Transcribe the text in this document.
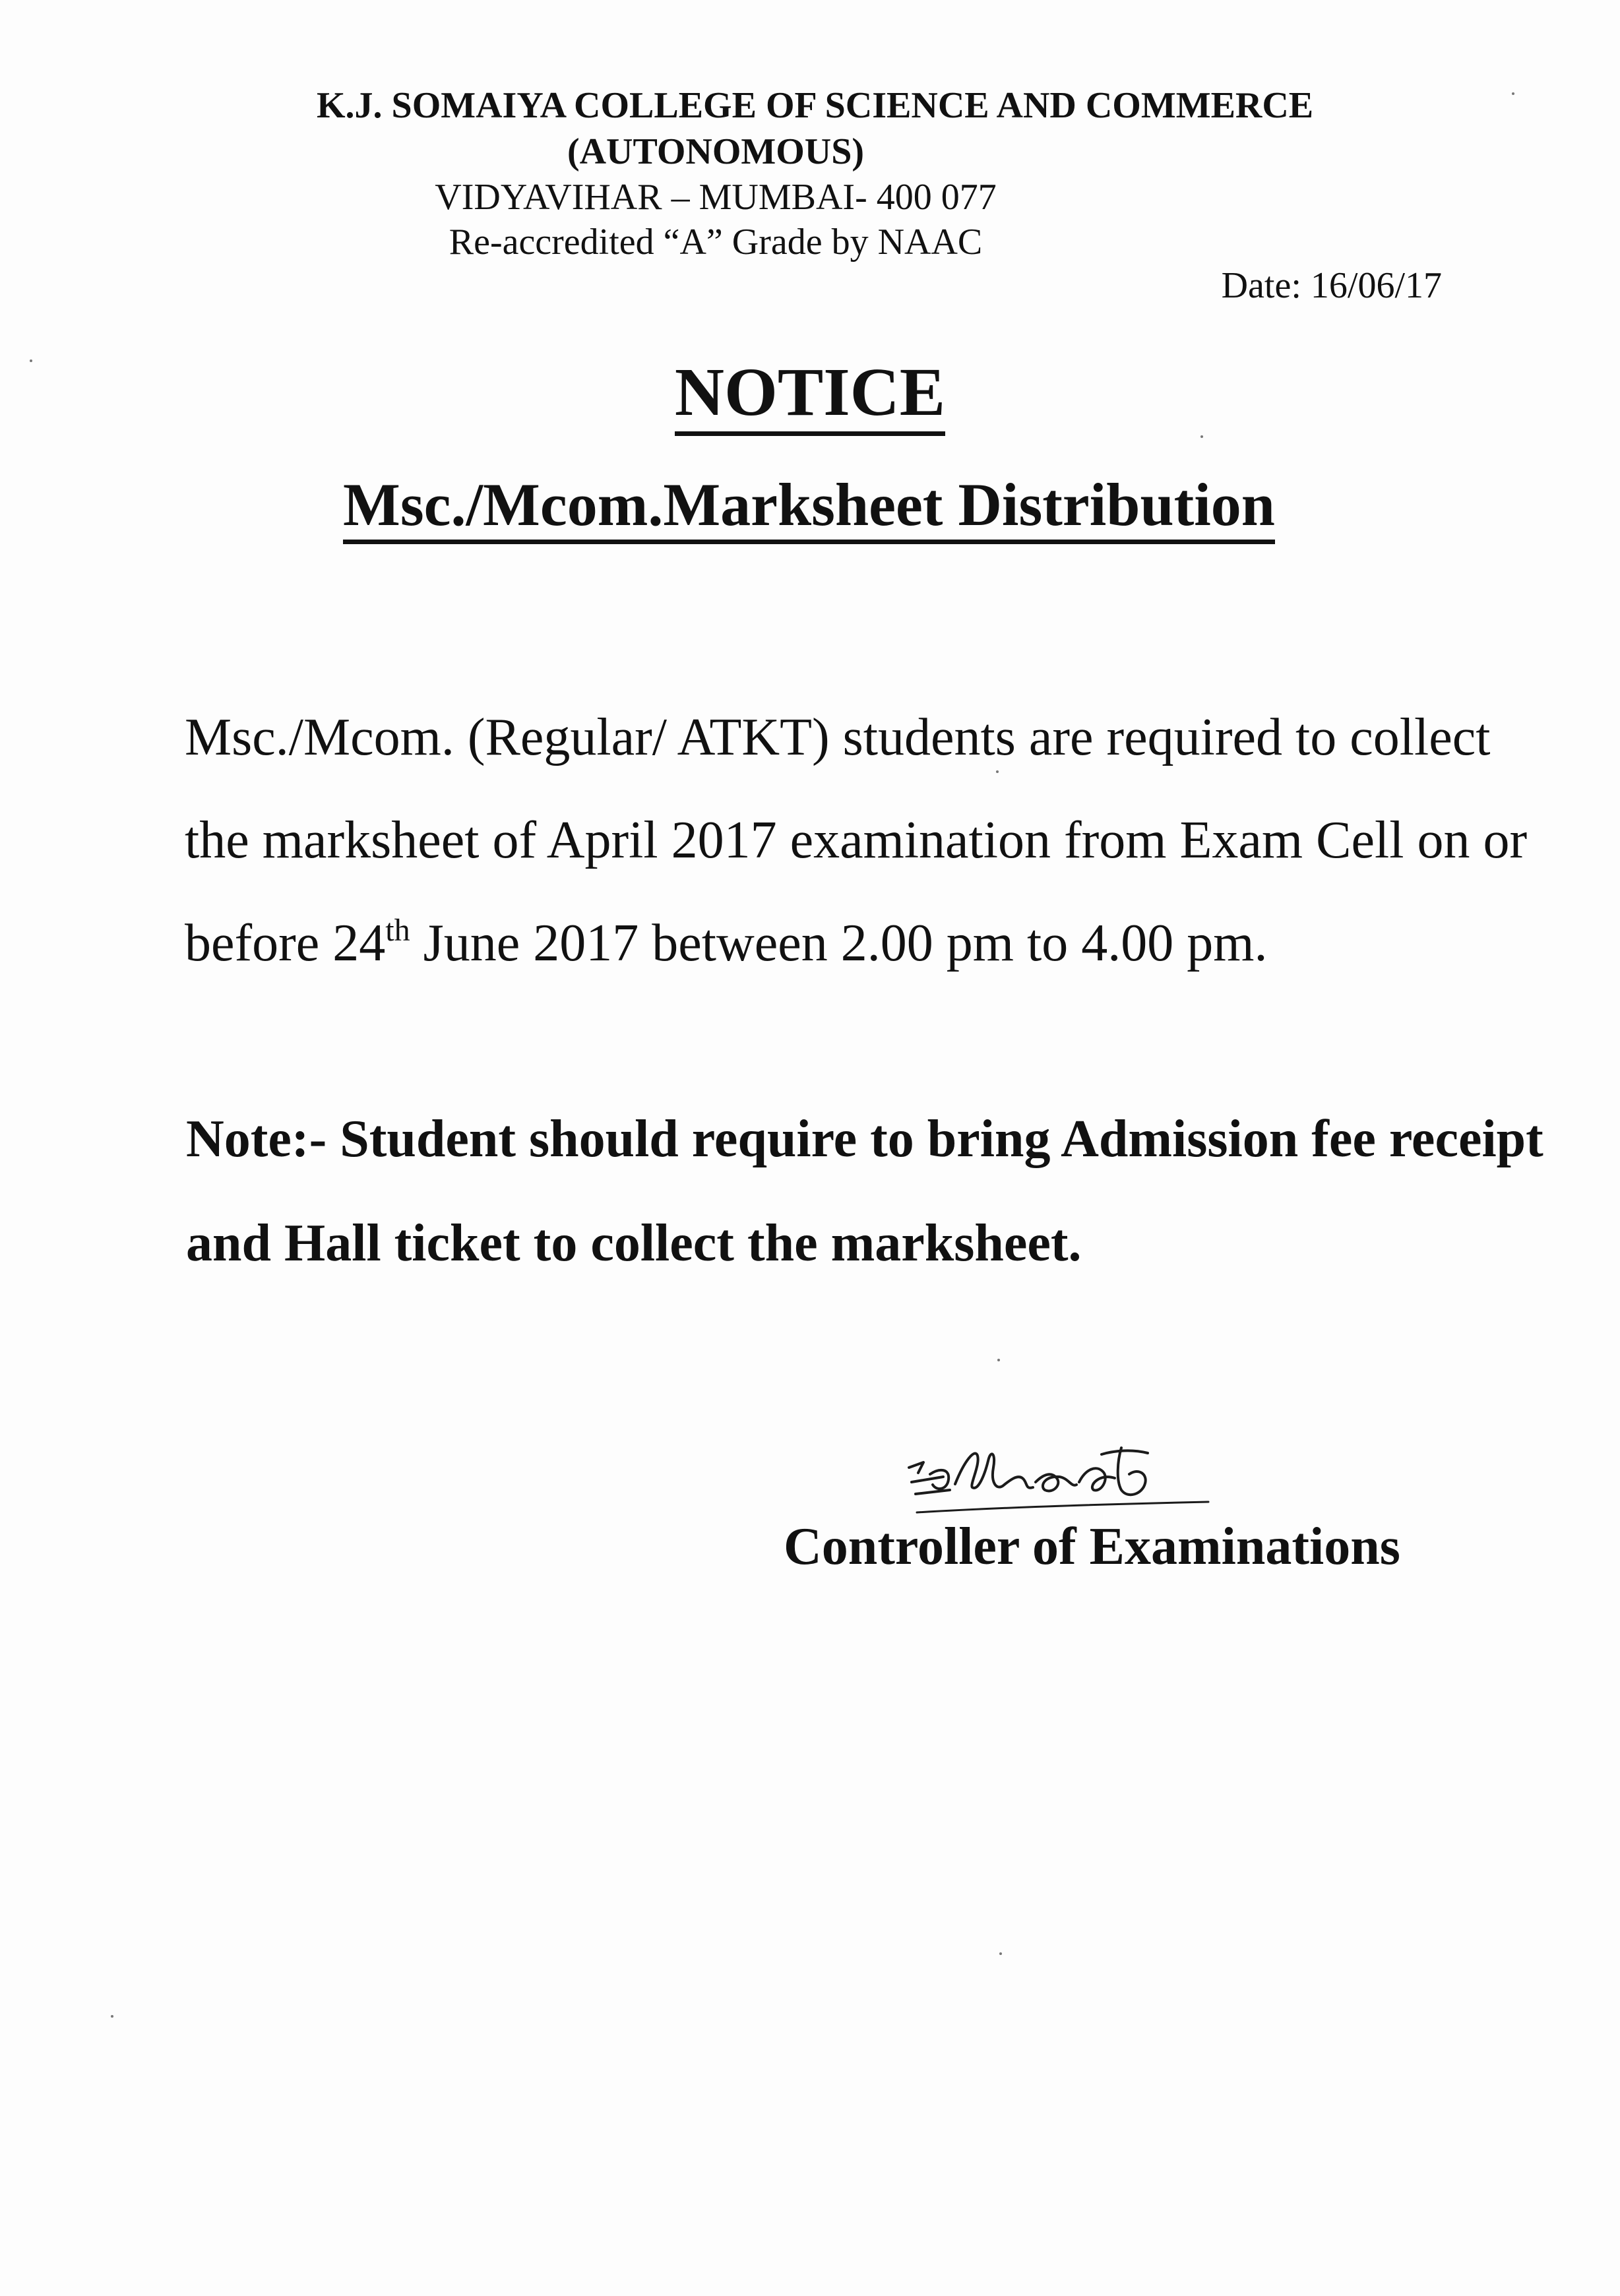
K.J. SOMAIYA COLLEGE OF SCIENCE AND COMMERCE
(AUTONOMOUS)
VIDYAVIHAR – MUMBAI- 400 077
Re-accredited “A” Grade by NAAC
Date: 16/06/17
NOTICE
Msc./Mcom.Marksheet Distribution

Msc./Mcom. (Regular/ ATKT) students are required to collect the marksheet of April 2017 examination from Exam Cell on or before 24th June 2017 between 2.00 pm to 4.00 pm.

Note:- Student should require to bring Admission fee receipt and Hall ticket to collect the marksheet.
Controller of Examinations
